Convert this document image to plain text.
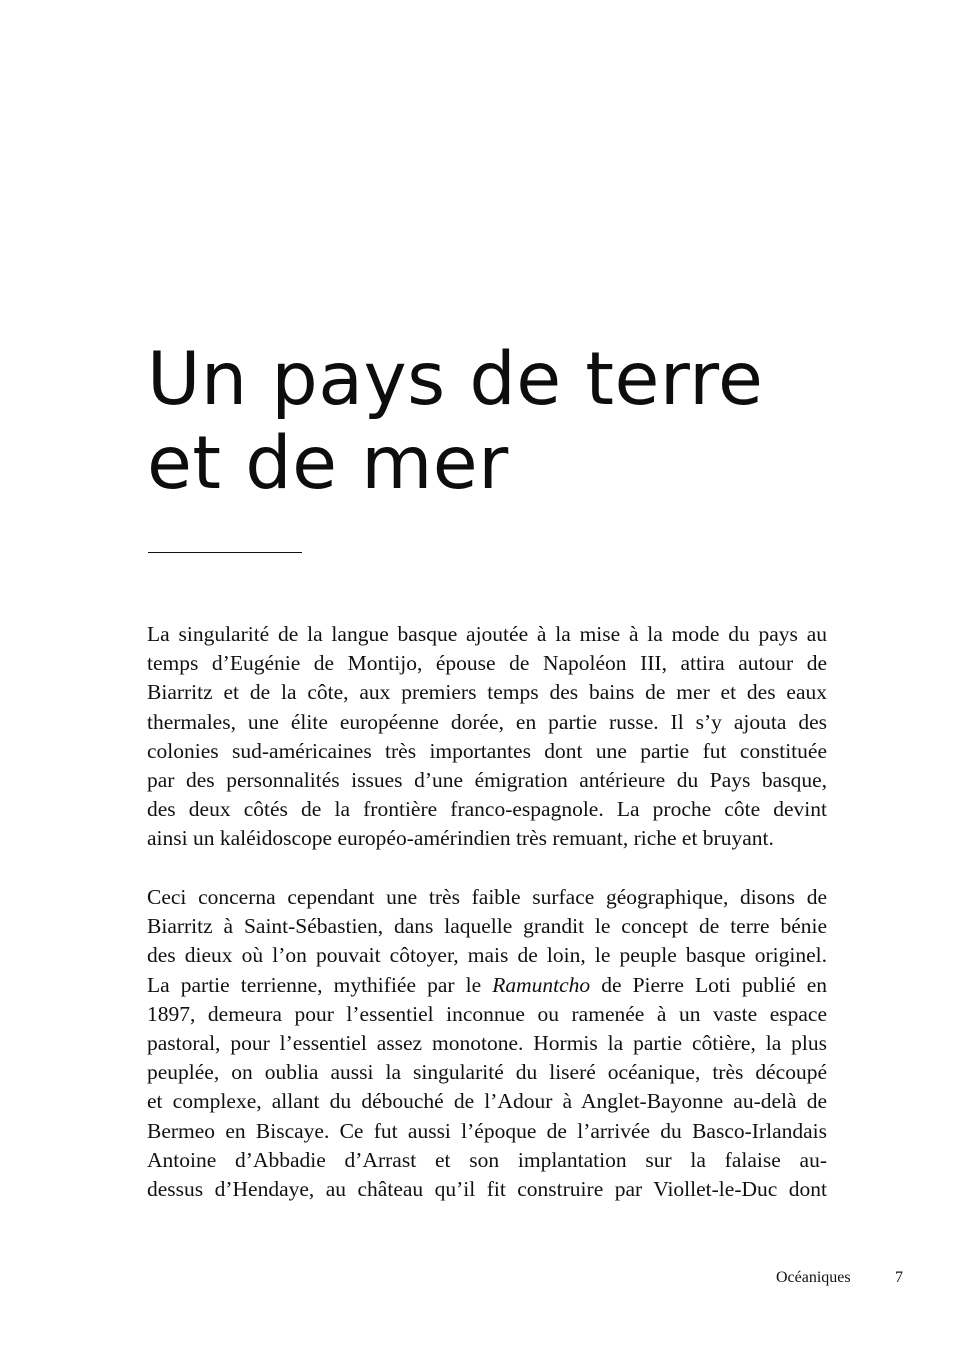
Un pays de terre
et de mer

La singularité de la langue basque ajoutée à la mise à la mode du pays au
temps d’Eugénie de Montijo, épouse de Napoléon III, attira autour de
Biarritz et de la côte, aux premiers temps des bains de mer et des eaux
thermales, une élite européenne dorée, en partie russe. Il s’y ajouta des
colonies sud-américaines très importantes dont une partie fut constituée
par des personnalités issues d’une émigration antérieure du Pays basque,
des deux côtés de la frontière franco-espagnole. La proche côte devint
ainsi un kaléidoscope européo-amérindien très remuant, riche et bruyant.

Ceci concerna cependant une très faible surface géographique, disons de
Biarritz à Saint-Sébastien, dans laquelle grandit le concept de terre bénie
des dieux où l’on pouvait côtoyer, mais de loin, le peuple basque originel.
La partie terrienne, mythifiée par le Ramuntcho de Pierre Loti publié en
1897, demeura pour l’essentiel inconnue ou ramenée à un vaste espace
pastoral, pour l’essentiel assez monotone. Hormis la partie côtière, la plus
peuplée, on oublia aussi la singularité du liseré océanique, très découpé
et complexe, allant du débouché de l’Adour à Anglet-Bayonne au-delà de
Bermeo en Biscaye. Ce fut aussi l’époque de l’arrivée du Basco-Irlandais
Antoine d’Abbadie d’Arrast et son implantation sur la falaise au-
dessus d’Hendaye, au château qu’il fit construire par Viollet-le-Duc dont

Océaniques	7
